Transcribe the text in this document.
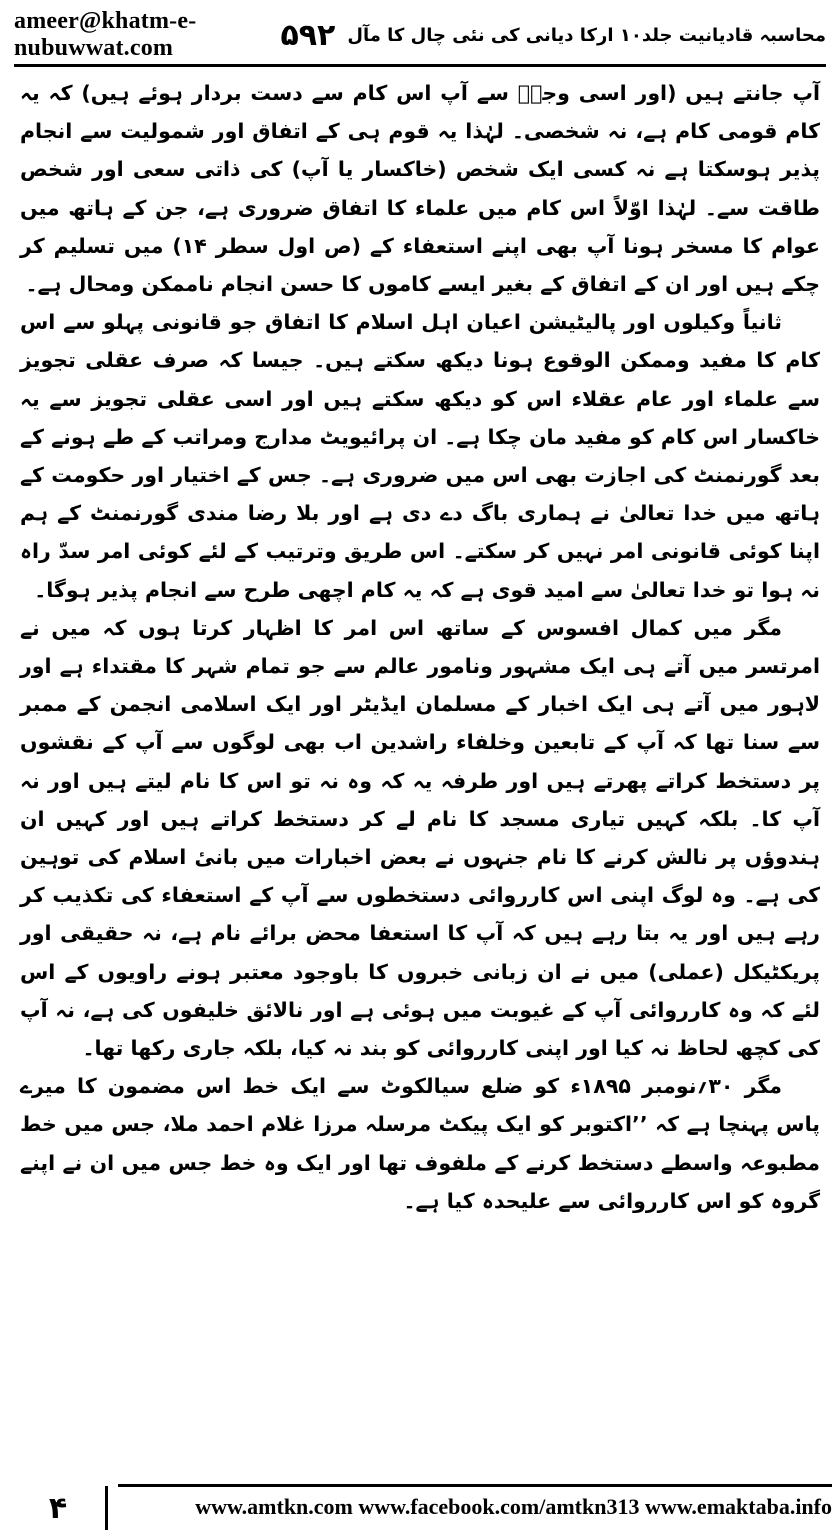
ameer@khatm-e-nubuwwat.com	۵۹۲ محاسبہ قادیانیت جلد۱۰ ارکا دیانی کی نئی چال کا مآل

آپ جانتے ہیں (اور اسی وجہؒ سے آپ اس کام سے دست بردار ہوئے ہیں) کہ یہ کام قومی کام ہے، نہ شخصی۔ لہٰذا یہ قوم ہی کے اتفاق اور شمولیت سے انجام پذیر ہوسکتا ہے نہ کسی ایک شخص (خاکسار یا آپ) کی ذاتی سعی اور شخص طاقت سے۔ لہٰذا اوّلاً اس کام میں علماء کا اتفاق ضروری ہے، جن کے ہاتھ میں عوام کا مسخر ہونا آپ بھی اپنے استعفاء کے (ص اول سطر ۱۴) میں تسلیم کر چکے ہیں اور ان کے اتفاق کے بغیر ایسے کاموں کا حسن انجام ناممکن ومحال ہے۔

ثانیاً وکیلوں اور پالیٹیشن اعیان اہل اسلام کا اتفاق جو قانونی پہلو سے اس کام کا مفید وممکن الوقوع ہونا دیکھ سکتے ہیں۔ جیسا کہ صرف عقلی تجویز سے علماء اور عام عقلاء اس کو دیکھ سکتے ہیں اور اسی عقلی تجویز سے یہ خاکسار اس کام کو مفید مان چکا ہے۔ ان پرائیویٹ مدارج ومراتب کے طے ہونے کے بعد گورنمنٹ کی اجازت بھی اس میں ضروری ہے۔ جس کے اختیار اور حکومت کے ہاتھ میں خدا تعالیٰ نے ہماری باگ دے دی ہے اور بلا رضا مندی گورنمنٹ کے ہم اپنا کوئی قانونی امر نہیں کر سکتے۔ اس طریق وترتیب کے لئے کوئی امر سدّ راہ نہ ہوا تو خدا تعالیٰ سے امید قوی ہے کہ یہ کام اچھی طرح سے انجام پذیر ہوگا۔

مگر میں کمال افسوس کے ساتھ اس امر کا اظہار کرتا ہوں کہ میں نے امرتسر میں آتے ہی ایک مشہور ونامور عالم سے جو تمام شہر کا مقتداء ہے اور لاہور میں آتے ہی ایک اخبار کے مسلمان ایڈیٹر اور ایک اسلامی انجمن کے ممبر سے سنا تھا کہ آپ کے تابعین وخلفاء راشدین اب بھی لوگوں سے آپ کے نقشوں پر دستخط کراتے پھرتے ہیں اور طرفہ یہ کہ وہ نہ تو اس کا نام لیتے ہیں اور نہ آپ کا۔ بلکہ کہیں تیاری مسجد کا نام لے کر دستخط کراتے ہیں اور کہیں ان ہندوؤں پر نالش کرنے کا نام جنہوں نے بعض اخبارات میں بانیٔ اسلام کی توہین کی ہے۔ وہ لوگ اپنی اس کارروائی دستخطوں سے آپ کے استعفاء کی تکذیب کر رہے ہیں اور یہ بتا رہے ہیں کہ آپ کا استعفا محض برائے نام ہے، نہ حقیقی اور پریکٹیکل (عملی) میں نے ان زبانی خبروں کا باوجود معتبر ہونے راویوں کے اس لئے کہ وہ کارروائی آپ کے غیوبت میں ہوئی ہے اور نالائق خلیفوں کی ہے، نہ آپ کی کچھ لحاظ نہ کیا اور اپنی کارروائی کو بند نہ کیا، بلکہ جاری رکھا تھا۔

مگر ۳۰؍نومبر ۱۸۹۵ء کو ضلع سیالکوٹ سے ایک خط اس مضمون کا میرے پاس پہنچا ہے کہ ’’اکتوبر کو ایک پیکٹ مرسلہ مرزا غلام احمد ملا، جس میں خط مطبوعہ واسطے دستخط کرنے کے ملفوف تھا اور ایک وہ خط جس میں ان نے اپنے گروہ کو اس کارروائی سے علیحدہ کیا ہے۔

۴	www.amtkn.com www.facebook.com/amtkn313 www.emaktaba.info
